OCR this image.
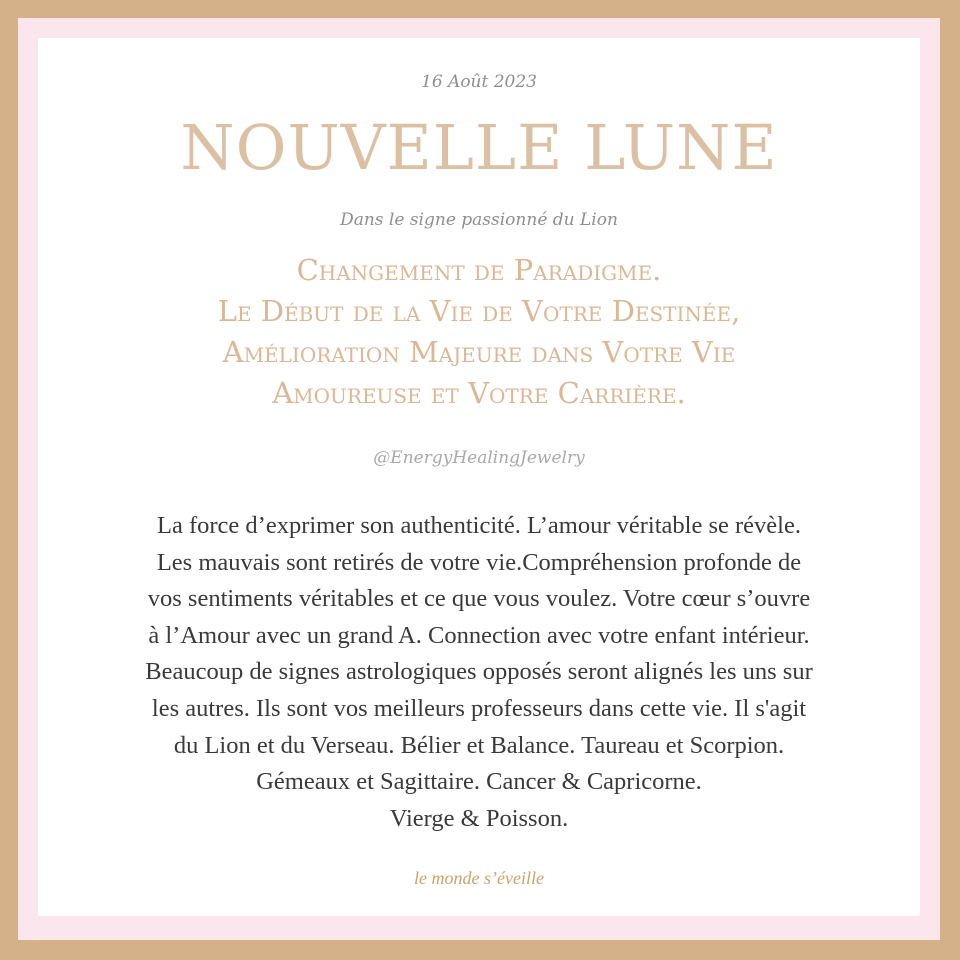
16 Août 2023
NOUVELLE LUNE
Dans le signe passionné du Lion
Changement de Paradigme.
Le Début de la Vie de Votre Destinée,
Amélioration Majeure dans Votre Vie
Amoureuse et Votre Carrière.
@EnergyHealingJewelry
La force d’exprimer son authenticité. L’amour véritable se révèle.
Les mauvais sont retirés de votre vie.Compréhension profonde de
vos sentiments véritables et ce que vous voulez. Votre cœur s’ouvre
à l’Amour avec un grand A. Connection avec votre enfant intérieur.
Beaucoup de signes astrologiques opposés seront alignés les uns sur
les autres. Ils sont vos meilleurs professeurs dans cette vie. Il s'agit
du Lion et du Verseau. Bélier et Balance. Taureau et Scorpion.
Gémeaux et Sagittaire. Cancer & Capricorne.
Vierge & Poisson.
le monde s’éveille
